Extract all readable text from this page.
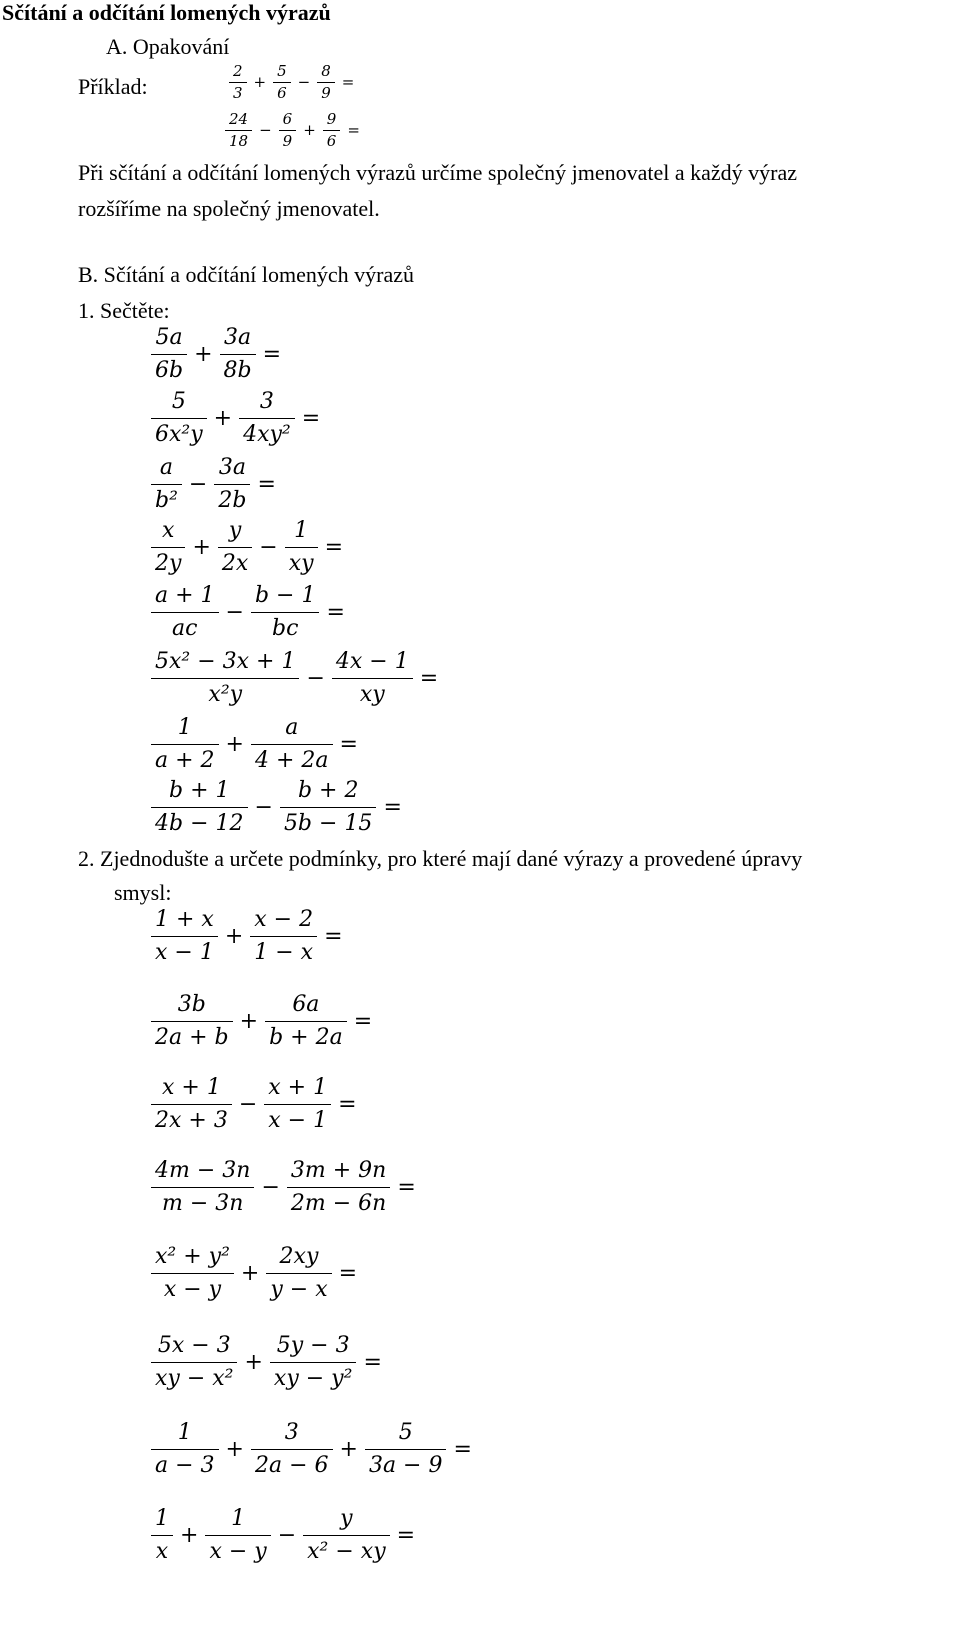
Sčítání a odčítání lomených výrazů
A. Opakování
Příklad:	$\frac{2}{3} + \frac{5}{6} - \frac{8}{9}$ =
$\frac{24}{18} - \frac{6}{9} + \frac{9}{6}$ =
Při sčítání a odčítání lomených výrazů určíme společný jmenovatel a každý výraz
rozšíříme na společný jmenovatel.
B. Sčítání a odčítání lomených výrazů
1. Sečtěte:
$\frac{5a}{6b} + \frac{3a}{8b}$ =
$\frac{5}{\text{6x²y}} + \frac{3}{\text{4xy²}}$ =
$\frac{a}{\text{b²}} - \frac{3a}{2b}$ =
$\frac{x}{2y} + \frac{y}{2x} - \frac{1}{xy}$ =
$\frac{a + 1}{ac} - \frac{b - 1}{bc}$ =
$\frac{\text{5x² − 3x + 1}}{\text{x²y}} - \frac{4x - 1}{xy}$ =
$\frac{1}{a + 2} + \frac{a}{4 + 2a}$ =
$\frac{b + 1}{4b - 12} - \frac{b + 2}{5b - 15}$ =
2. Zjednodušte a určete podmínky, pro které mají dané výrazy a provedené úpravy
smysl:
$\frac{1 + x}{x - 1} + \frac{x - 2}{1 - x}$ =
$\frac{3b}{2a + b} + \frac{6a}{b + 2a}$ =
$\frac{x + 1}{2x + 3} - \frac{x + 1}{x - 1}$ =
$\frac{4m - 3n}{m - 3n} - \frac{3m + 9n}{2m - 6n}$ =
$\frac{\text{x² + y²}}{x - y} + \frac{2xy}{y - x}$ =
$\frac{5x - 3}{\text{xy − x²}} + \frac{5y - 3}{\text{xy − y²}}$ =
$\frac{1}{a - 3} + \frac{3}{2a - 6} + \frac{5}{3a - 9}$ =
$\frac{1}{x} + \frac{1}{x - y} - \frac{y}{\text{x² − xy}}$ =
